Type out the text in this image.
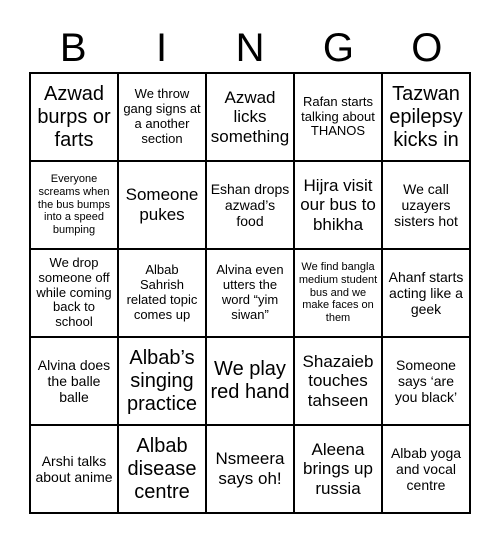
B	I	N	G	O
Azwad burps or farts	We throw gang signs at a another section	Azwad licks something	Rafan starts talking about THANOS	Tazwan epilepsy kicks in
Everyone screams when the bus bumps into a speed bumping	Someone pukes	Eshan drops azwad’s food	Hijra visit our bus to bhikha	We call uzayers sisters hot
We drop someone off while coming back to school	Albab Sahrish related topic comes up	Alvina even utters the word “yim siwan”	We find bangla medium student bus and we make faces on them	Ahanf starts acting like a geek
Alvina does the balle balle	Albab’s singing practice	We play red hand	Shazaieb touches tahseen	Someone says ‘are you black’
Arshi talks about anime	Albab disease centre	Nsmeera says oh!	Aleena brings up russia	Albab yoga and vocal centre
